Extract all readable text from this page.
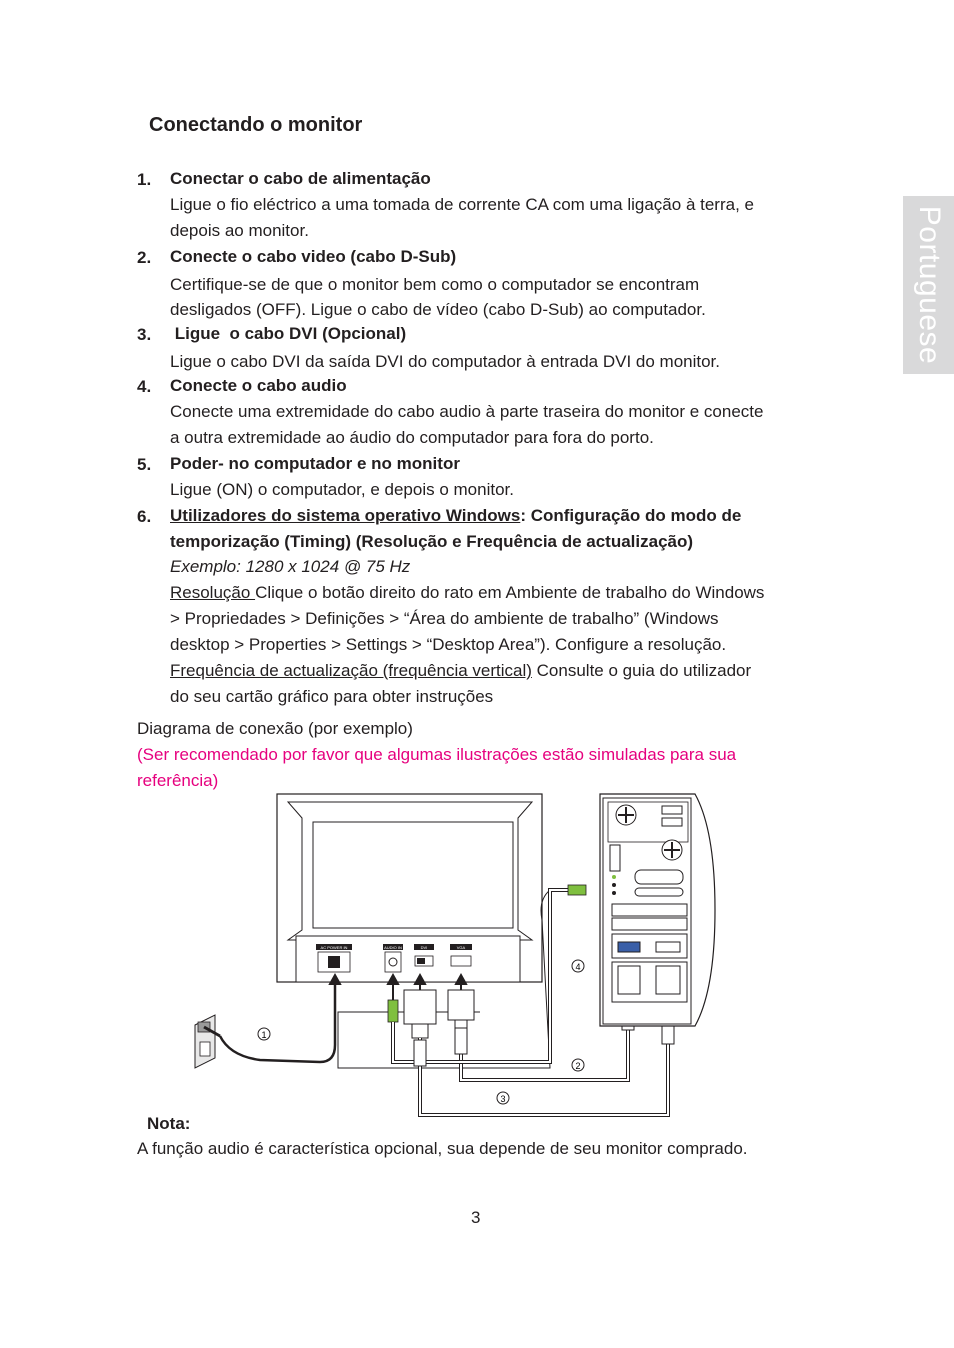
Portuguese
Conectando o monitor
1. Conectar o cabo de alimentação
Ligue o fio eléctrico a uma tomada de corrente CA com uma ligação à terra, e
depois ao monitor.
2. Conecte o cabo video (cabo D-Sub)
Certifique-se de que o monitor bem como o computador se encontram
desligados (OFF). Ligue o cabo de vídeo (cabo D-Sub) ao computador.
3. Ligue  o cabo DVI (Opcional)
Ligue o cabo DVI da saída DVI do computador à entrada DVI do monitor.
4. Conecte o cabo audio
Conecte uma extremidade do cabo audio à parte traseira do monitor e conecte
a outra extremidade ao áudio do computador para fora do porto.
5. Poder- no computador e no monitor
Ligue (ON) o computador, e depois o monitor.
6. Utilizadores do sistema operativo Windows: Configuração do modo de
temporização (Timing) (Resolução e Frequência de actualização)
Exemplo: 1280 x 1024 @ 75 Hz
Resolução Clique o botão direito do rato em Ambiente de trabalho do Windows
> Propriedades > Definições > “Área do ambiente de trabalho” (Windows
desktop > Properties > Settings > “Desktop Area”). Configure a resolução.
Frequência de actualização (frequência vertical) Consulte o guia do utilizador
do seu cartão gráfico para obter instruções
Diagrama de conexão (por exemplo)
(Ser recomendado por favor que algumas ilustrações estão simuladas para sua
referência)
1
AC POWER IN	AUDIO IN	DVI	VGA
4
2
3
Nota:
A função audio é característica opcional, sua depende de seu monitor comprado.
3
